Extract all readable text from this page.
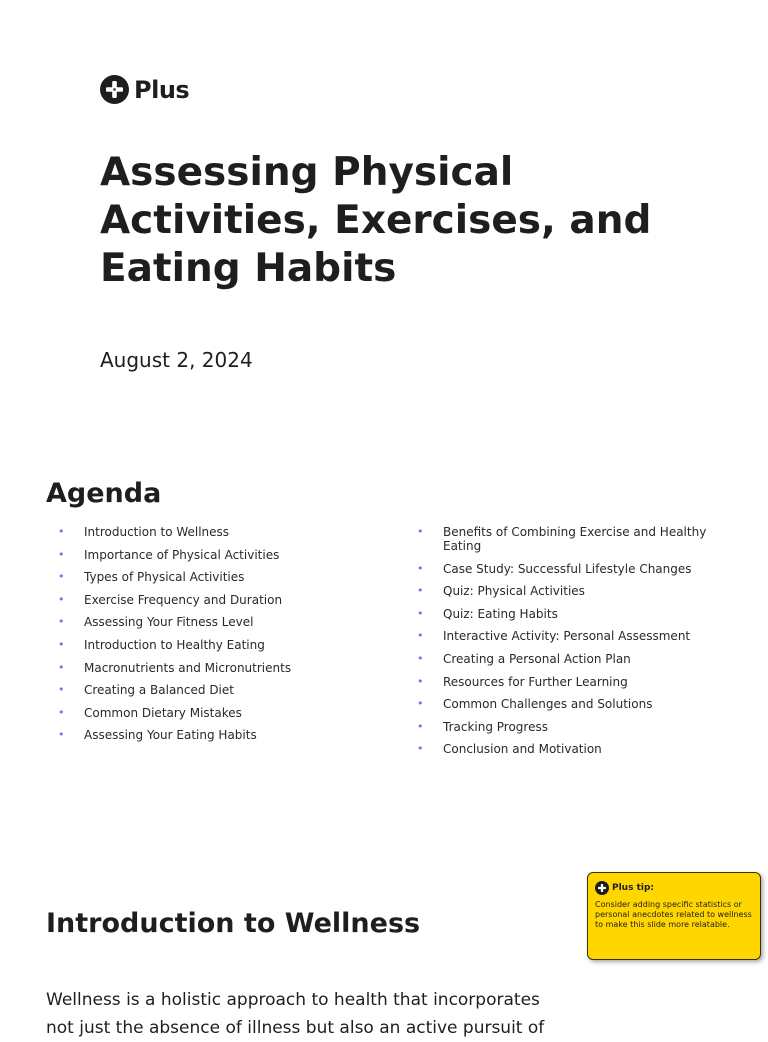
Plus
Assessing Physical Activities, Exercises, and Eating Habits
August 2, 2024
Agenda
• Introduction to Wellness
• Importance of Physical Activities
• Types of Physical Activities
• Exercise Frequency and Duration
• Assessing Your Fitness Level
• Introduction to Healthy Eating
• Macronutrients and Micronutrients
• Creating a Balanced Diet
• Common Dietary Mistakes
• Assessing Your Eating Habits
• Benefits of Combining Exercise and Healthy Eating
• Case Study: Successful Lifestyle Changes
• Quiz: Physical Activities
• Quiz: Eating Habits
• Interactive Activity: Personal Assessment
• Creating a Personal Action Plan
• Resources for Further Learning
• Common Challenges and Solutions
• Tracking Progress
• Conclusion and Motivation
Introduction to Wellness

Wellness is a holistic approach to health that incorporates not just the absence of illness but also an active pursuit of

Plus tip:
Consider adding specific statistics or personal anecdotes related to wellness to make this slide more relatable.
